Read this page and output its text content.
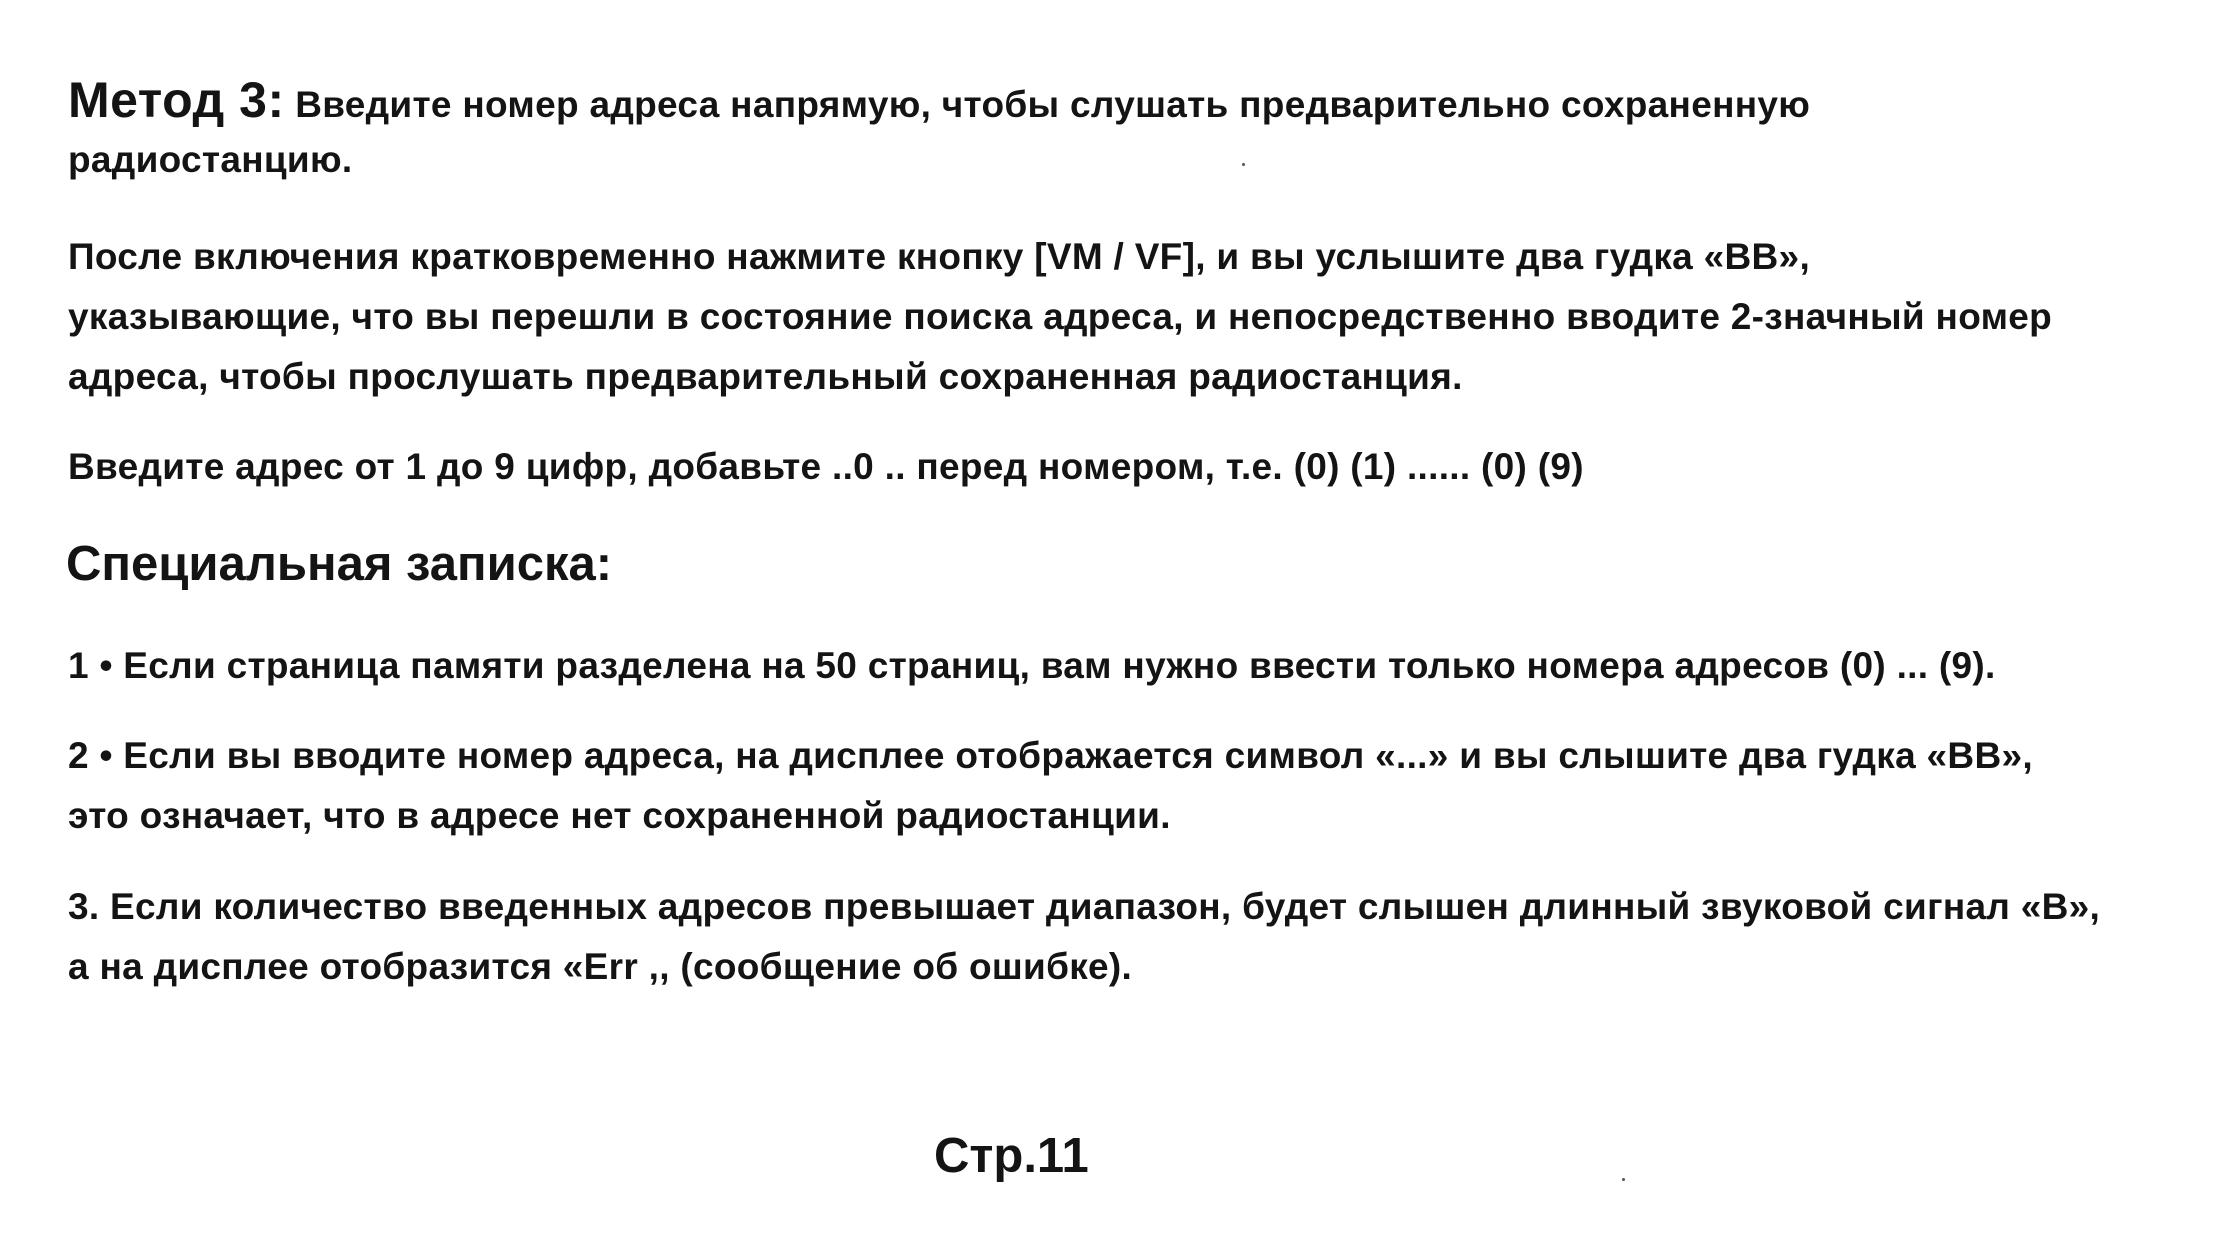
Метод 3: Введите номер адреса напрямую, чтобы слушать предварительно сохраненную
радиостанцию.
После включения кратковременно нажмите кнопку [VM / VF], и вы услышите два гудка «BB»,
указывающие, что вы перешли в состояние поиска адреса, и непосредственно вводите 2-значный номер
адреса, чтобы прослушать предварительный сохраненная радиостанция.
Введите адрес от 1 до 9 цифр, добавьте ..0 .. перед номером, т.е. (0) (1) ...... (0) (9)
Специальная записка:
1 • Если страница памяти разделена на 50 страниц, вам нужно ввести только номера адресов (0) ... (9).
2 • Если вы вводите номер адреса, на дисплее отображается символ «...» и вы слышите два гудка «BB»,
это означает, что в адресе нет сохраненной радиостанции.
3. Если количество введенных адресов превышает диапазон, будет слышен длинный звуковой сигнал «B»,
а на дисплее отобразится «Err ,, (сообщение об ошибке).
Стр.11
